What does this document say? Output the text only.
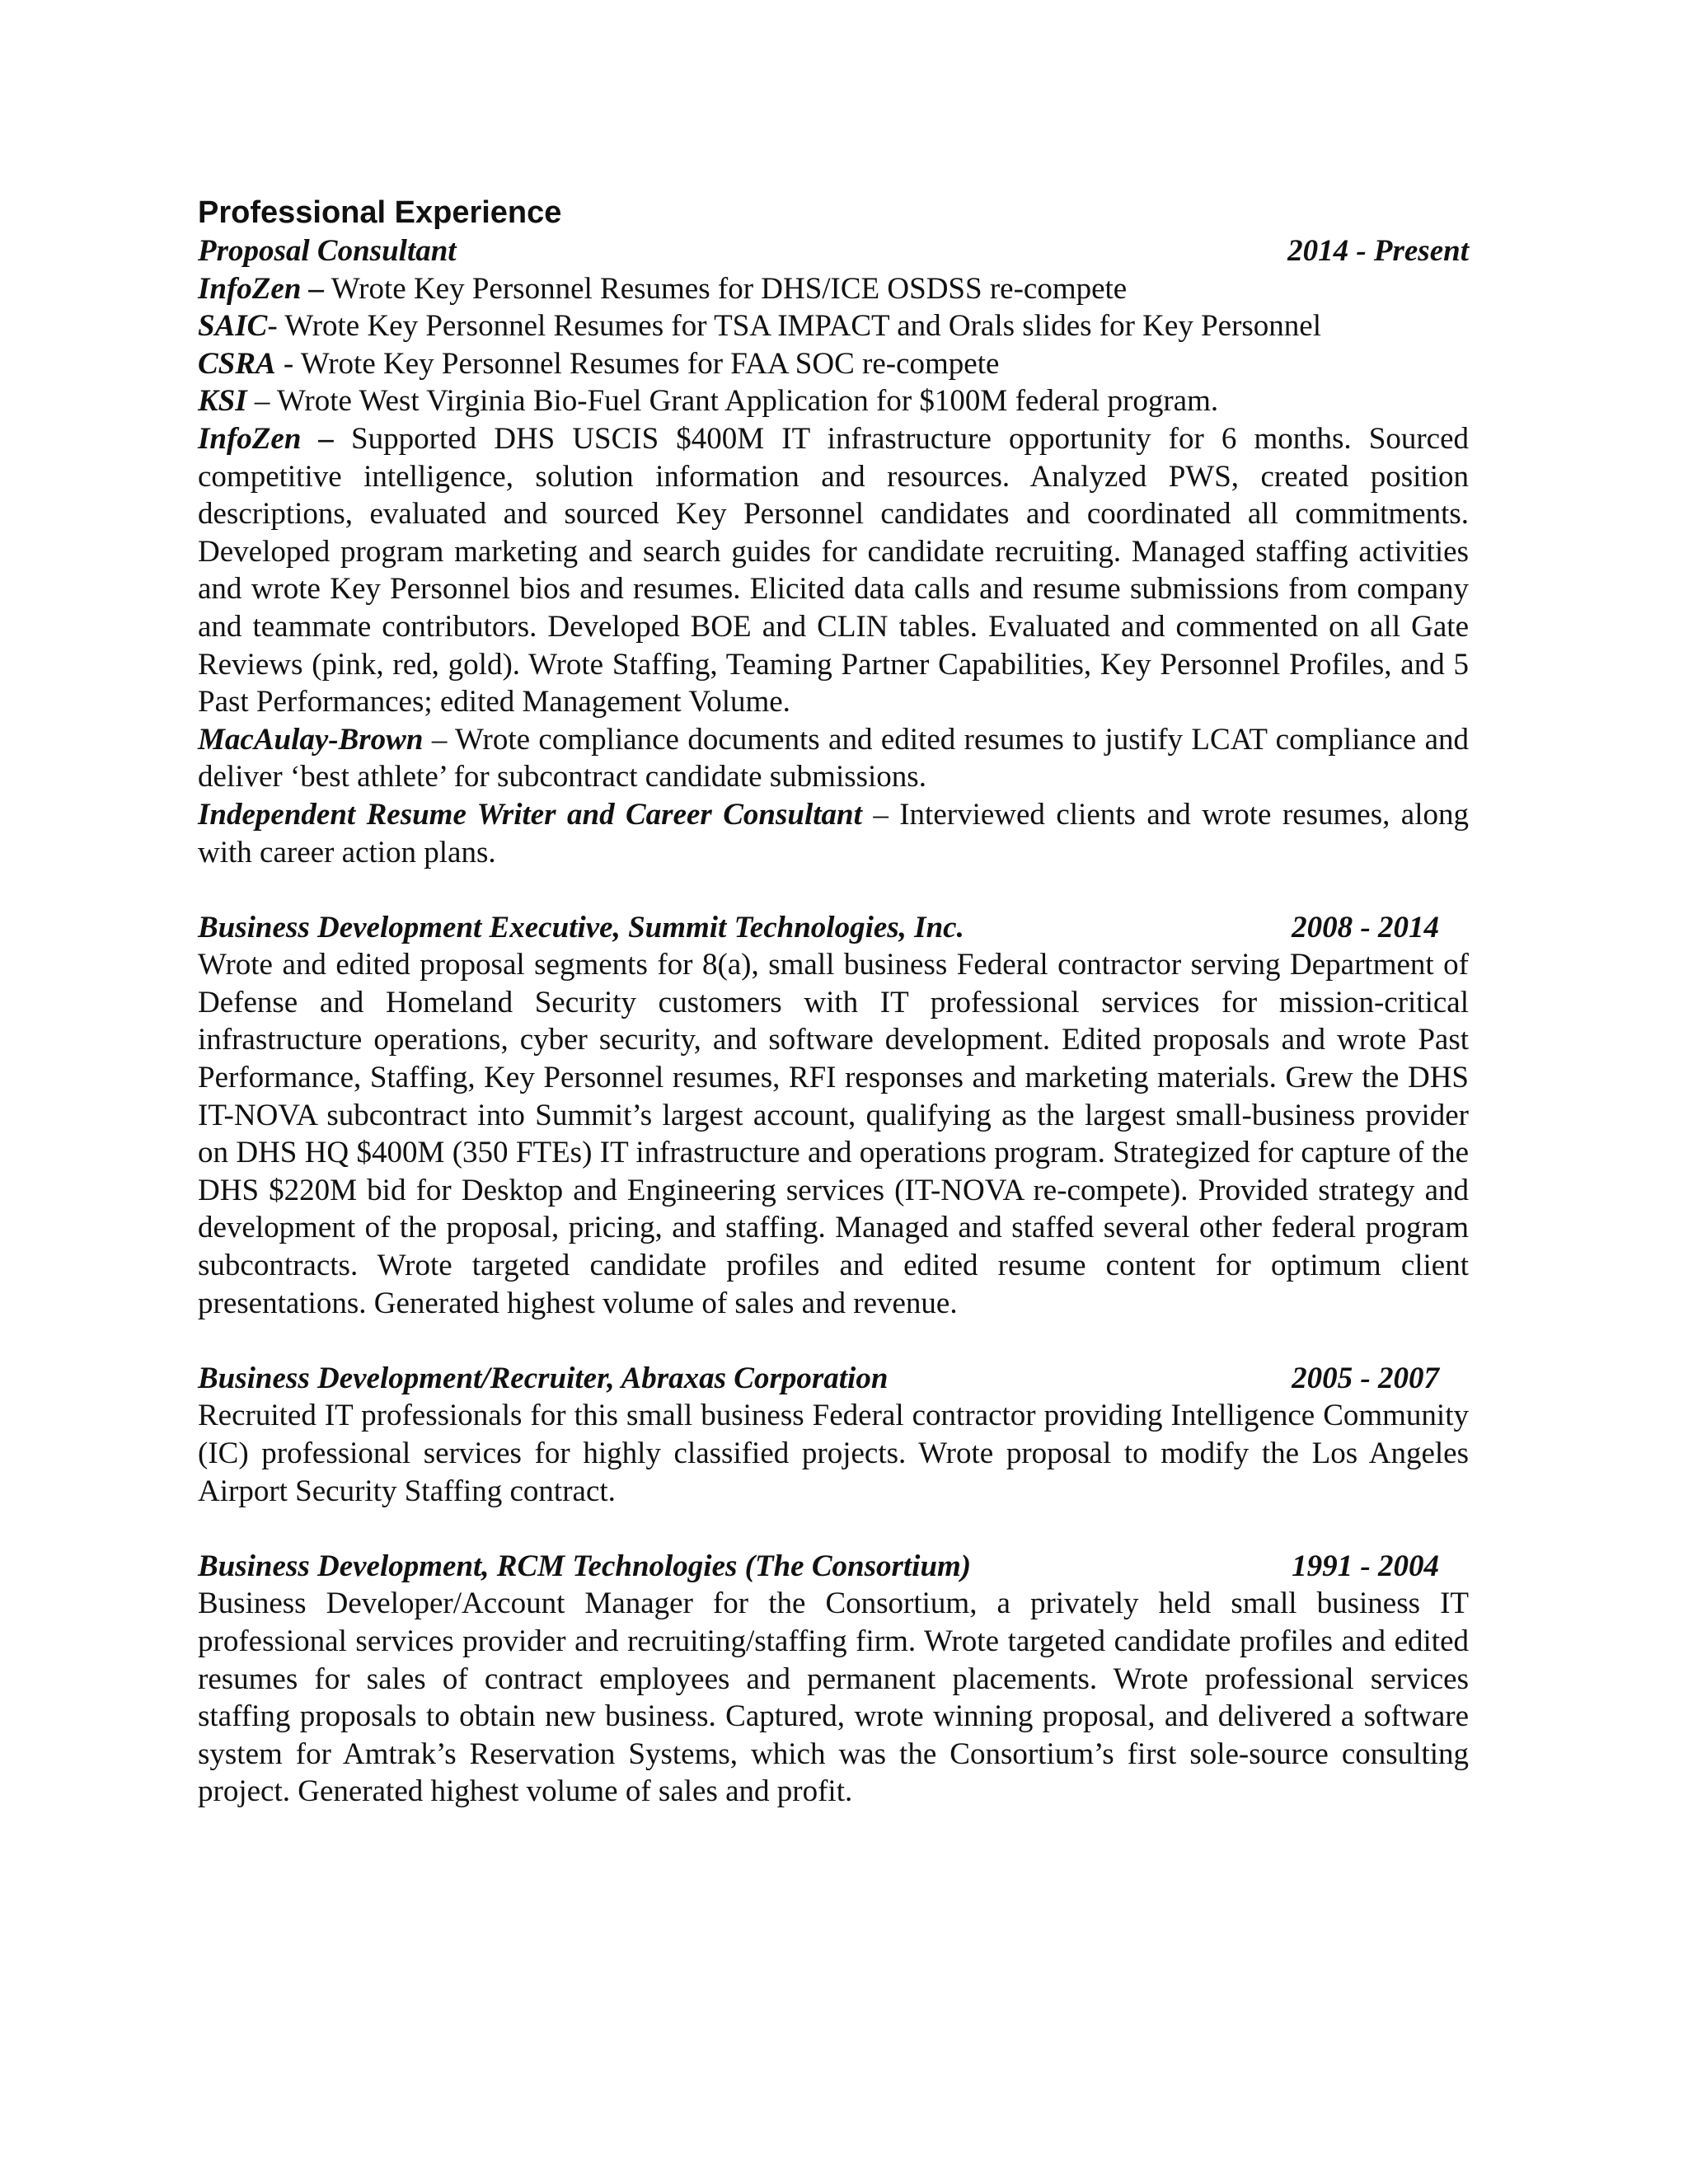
Professional Experience
Proposal Consultant	2014 - Present

InfoZen – Wrote Key Personnel Resumes for DHS/ICE OSDSS re-compete

SAIC- Wrote Key Personnel Resumes for TSA IMPACT and Orals slides for Key Personnel

CSRA - Wrote Key Personnel Resumes for FAA SOC re-compete

KSI – Wrote West Virginia Bio-Fuel Grant Application for $100M federal program.

InfoZen – Supported DHS USCIS $400M IT infrastructure opportunity for 6 months. Sourced competitive intelligence, solution information and resources. Analyzed PWS, created position descriptions, evaluated and sourced Key Personnel candidates and coordinated all commitments. Developed program marketing and search guides for candidate recruiting. Managed staffing activities and wrote Key Personnel bios and resumes. Elicited data calls and resume submissions from company and teammate contributors. Developed BOE and CLIN tables. Evaluated and commented on all Gate Reviews (pink, red, gold). Wrote Staffing, Teaming Partner Capabilities, Key Personnel Profiles, and 5 Past Performances; edited Management Volume.

MacAulay-Brown – Wrote compliance documents and edited resumes to justify LCAT compliance and deliver ‘best athlete’ for subcontract candidate submissions.

Independent Resume Writer and Career Consultant – Interviewed clients and wrote resumes, along with career action plans.

Business Development Executive, Summit Technologies, Inc.	2008 - 2014

Wrote and edited proposal segments for 8(a), small business Federal contractor serving Department of Defense and Homeland Security customers with IT professional services for mission-critical infrastructure operations, cyber security, and software development. Edited proposals and wrote Past Performance, Staffing, Key Personnel resumes, RFI responses and marketing materials. Grew the DHS IT-NOVA subcontract into Summit’s largest account, qualifying as the largest small-business provider on DHS HQ $400M (350 FTEs) IT infrastructure and operations program. Strategized for capture of the DHS $220M bid for Desktop and Engineering services (IT-NOVA re-compete). Provided strategy and development of the proposal, pricing, and staffing. Managed and staffed several other federal program subcontracts. Wrote targeted candidate profiles and edited resume content for optimum client presentations. Generated highest volume of sales and revenue.

Business Development/Recruiter, Abraxas Corporation	2005 - 2007

Recruited IT professionals for this small business Federal contractor providing Intelligence Community (IC) professional services for highly classified projects. Wrote proposal to modify the Los Angeles Airport Security Staffing contract.

Business Development, RCM Technologies (The Consortium)	1991 - 2004

Business Developer/Account Manager for the Consortium, a privately held small business IT professional services provider and recruiting/staffing firm. Wrote targeted candidate profiles and edited resumes for sales of contract employees and permanent placements. Wrote professional services staffing proposals to obtain new business. Captured, wrote winning proposal, and delivered a software system for Amtrak’s Reservation Systems, which was the Consortium’s first sole-source consulting project. Generated highest volume of sales and profit.
